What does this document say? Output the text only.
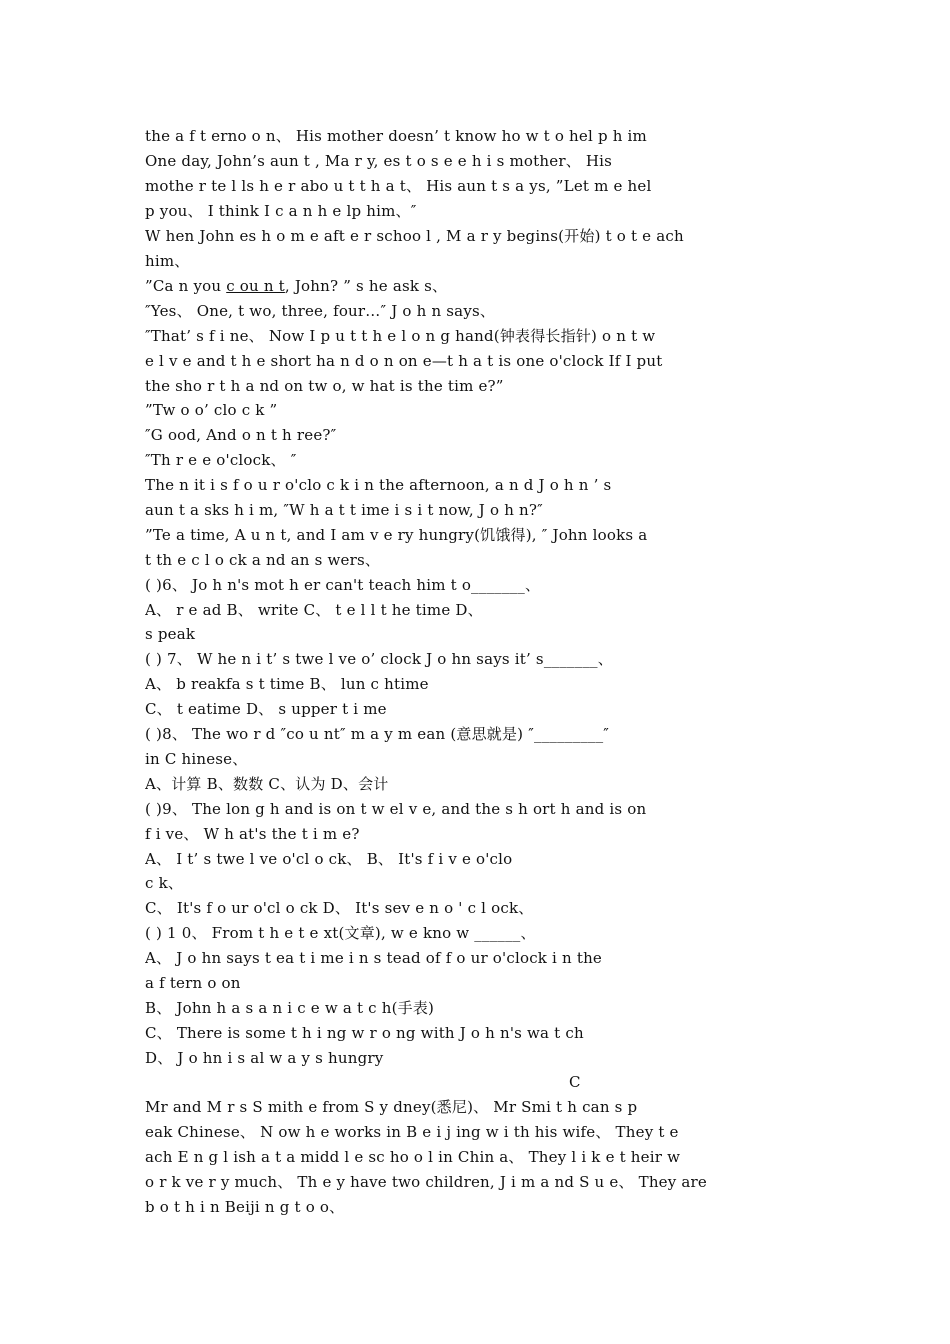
the a f t erno o n、 His mother doesn’ t know ho w t o hel p h im
One day, John’s aun t , Ma r y, es t o s e e h i s mother、 His
mothe r te l ls h e r abo u t t h a t、 His aun t s a ys, ”Let m e hel
p you、 I think I c a n h e lp him、″
W hen John es h o m e aft e r schoo l , M a r y begins(开始) t o t e ach
him、
”Ca n you c ou n t, John? ” s he ask s、
″Yes、 One, t wo, three, four…″ J o h n says、
″That’ s f i ne、 Now I p u t t h e l o n g hand(钟表得长指针) o n t w
e l v e and t h e short ha n d o n on e—t h a t is one o'clock If I put
the sho r t h a nd on tw o, w hat is the tim e?”
”Tw o o’ clo c k ”
″G ood, And o n t h ree?″
″Th r e e o'clock、 ″
The n it i s f o u r o'clo c k i n the afternoon, a n d J o h n ’ s
aun t a sks h i m, ″W h a t t ime i s i t now, J o h n?″
”Te a time, A u n t, and I am v e ry hungry(饥饿得), ″ John looks a
t th e c l o ck a nd an s wers、
( )6、 Jo h n's mot h er can't teach him t o_______、
A、 r e ad B、 write C、 t e l l t he time D、
s peak
( ) 7、 W he n i t’ s twe l ve o’ clock J o hn says it’ s_______、
A、 b reakfa s t time B、 lun c htime
C、 t eatime D、 s upper t i me
( )8、 The wo r d ″co u nt″ m a y m ean (意思就是) ″_________″
in C hinese、
A、计算 B、数数 C、认为 D、会计
( )9、 The lon g h and is on t w el v e, and the s h ort h and is on
f i ve、 W h at's the t i m e?
A、 I t’ s twe l ve o'cl o ck、 B、 It's f i v e o'clo
c k、
C、 It's f o ur o'cl o ck D、 It's sev e n o ' c l ock、
( ) 1 0、 From t h e t e xt(文章), w e kno w ______、
A、 J o hn says t ea t i me i n s tead of f o ur o'clock i n the
a f tern o on
B、 John h a s a n i c e w a t c h(手表)
C、 There is some t h i ng w r o ng with J o h n's wa t ch
D、 J o hn i s al w a y s hungry
C
Mr and M r s S mith e from S y dney(悉尼)、 Mr Smi t h can s p
eak Chinese、 N ow h e works in B e i j ing w i th his wife、 They t e
ach E n g l ish a t a midd l e sc ho o l in Chin a、 They l i k e t heir w
o r k ve r y much、 Th e y have two children, J i m a nd S u e、 They are
b o t h i n Beiji n g t o o、
